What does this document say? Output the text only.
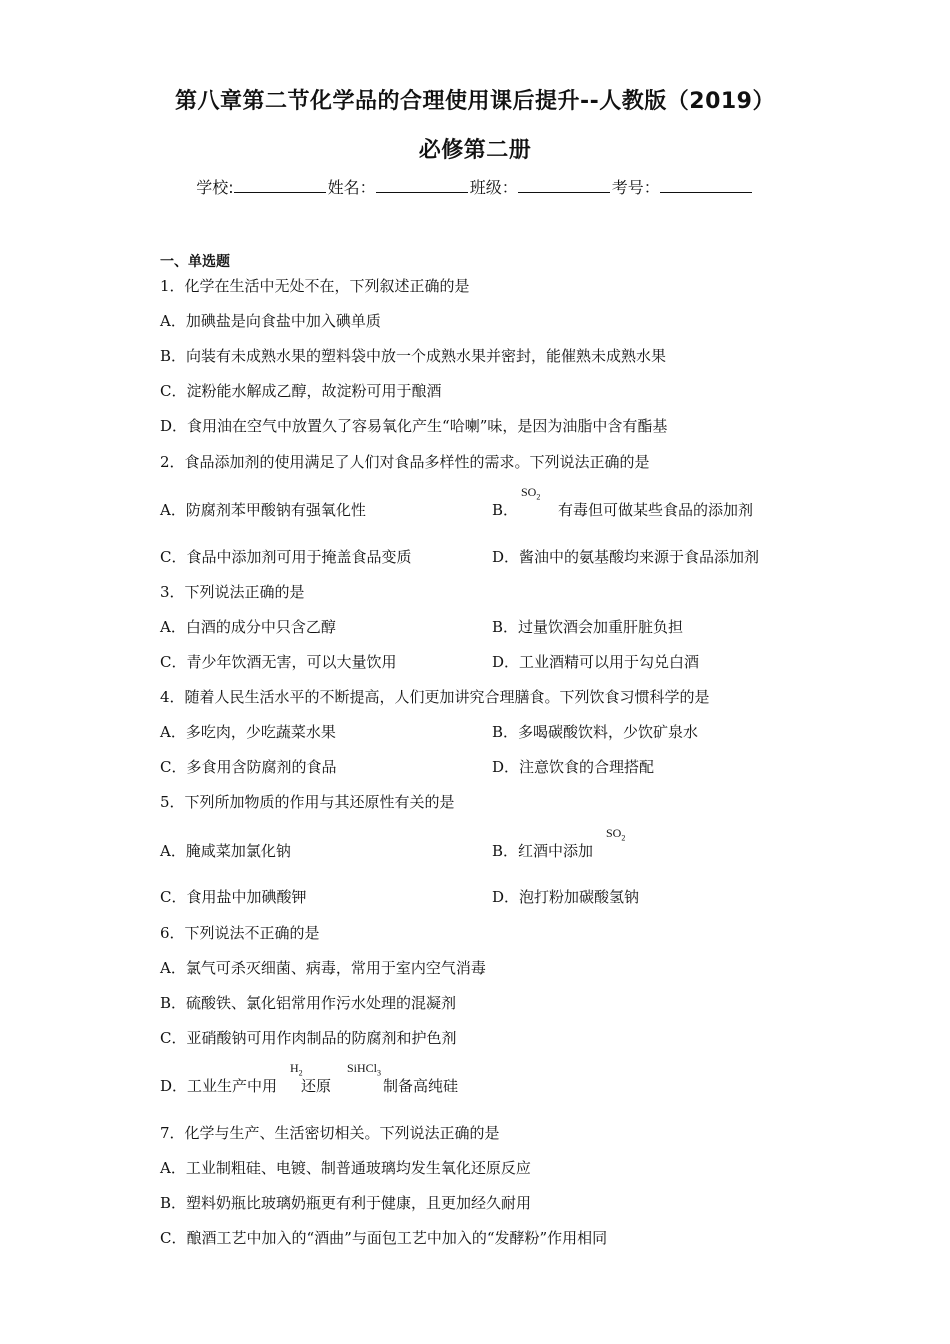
第八章第二节化学品的合理使用课后提升--人教版（2019）
必修第二册
学校:	姓名：	班级：	考号：
一、单选题
1．化学在生活中无处不在，下列叙述正确的是
A．加碘盐是向食盐中加入碘单质
B．向装有未成熟水果的塑料袋中放一个成熟水果并密封，能催熟未成熟水果
C．淀粉能水解成乙醇，故淀粉可用于酿酒
D．食用油在空气中放置久了容易氧化产生“哈喇”味，是因为油脂中含有酯基
2．食品添加剂的使用满足了人们对食品多样性的需求。下列说法正确的是
A．防腐剂苯甲酸钠有强氧化性	B．	有毒但可做某些食品的添加剂
$SO_2$
C．食品中添加剂可用于掩盖食品变质	D．酱油中的氨基酸均来源于食品添加剂
3．下列说法正确的是
A．白酒的成分中只含乙醇	B．过量饮酒会加重肝脏负担
C．青少年饮酒无害，可以大量饮用	D．工业酒精可以用于勾兑白酒
4．随着人民生活水平的不断提高，人们更加讲究合理膳食。下列饮食习惯科学的是
A．多吃肉，少吃蔬菜水果	B．多喝碳酸饮料，少饮矿泉水
C．多食用含防腐剂的食品	D．注意饮食的合理搭配
5．下列所加物质的作用与其还原性有关的是
A．腌咸菜加氯化钠	B．红酒中添加
$SO_2$
C．食用盐中加碘酸钾	D．泡打粉加碳酸氢钠
6．下列说法不正确的是
A．氯气可杀灭细菌、病毒，常用于室内空气消毒
B．硫酸铁、氯化铝常用作污水处理的混凝剂
C．亚硝酸钠可用作肉制品的防腐剂和护色剂
D．工业生产中用 还原	制备高纯硅
$H_2$	SiHCl$_3$
7．化学与生产、生活密切相关。下列说法正确的是
A．工业制粗硅、电镀、制普通玻璃均发生氧化还原反应
B．塑料奶瓶比玻璃奶瓶更有利于健康，且更加经久耐用
C．酿酒工艺中加入的“酒曲”与面包工艺中加入的“发酵粉”作用相同
